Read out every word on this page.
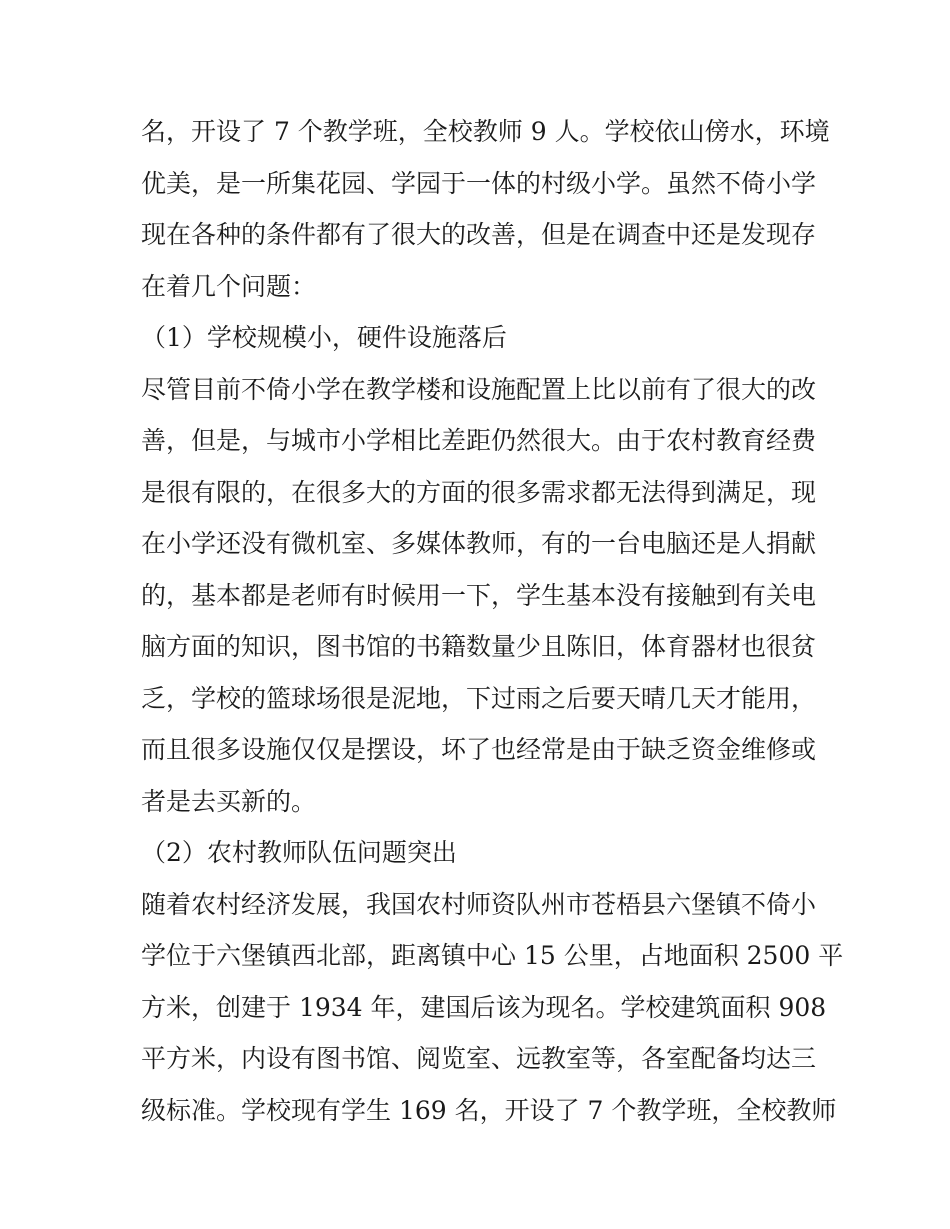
名，开设了 7 个教学班，全校教师 9 人。学校依山傍水，环境
优美，是一所集花园、学园于一体的村级小学。虽然不倚小学
现在各种的条件都有了很大的改善，但是在调查中还是发现存
在着几个问题：
（1）学校规模小，硬件设施落后
尽管目前不倚小学在教学楼和设施配置上比以前有了很大的改
善，但是，与城市小学相比差距仍然很大。由于农村教育经费
是很有限的，在很多大的方面的很多需求都无法得到满足，现
在小学还没有微机室、多媒体教师，有的一台电脑还是人捐献
的，基本都是老师有时候用一下，学生基本没有接触到有关电
脑方面的知识，图书馆的书籍数量少且陈旧，体育器材也很贫
乏，学校的篮球场很是泥地，下过雨之后要天晴几天才能用，
而且很多设施仅仅是摆设，坏了也经常是由于缺乏资金维修或
者是去买新的。
（2）农村教师队伍问题突出
随着农村经济发展，我国农村师资队州市苍梧县六堡镇不倚小
学位于六堡镇西北部，距离镇中心 15 公里，占地面积 2500 平
方米，创建于 1934 年，建国后该为现名。学校建筑面积 908
平方米，内设有图书馆、阅览室、远教室等，各室配备均达三
级标准。学校现有学生 169 名，开设了 7 个教学班，全校教师
